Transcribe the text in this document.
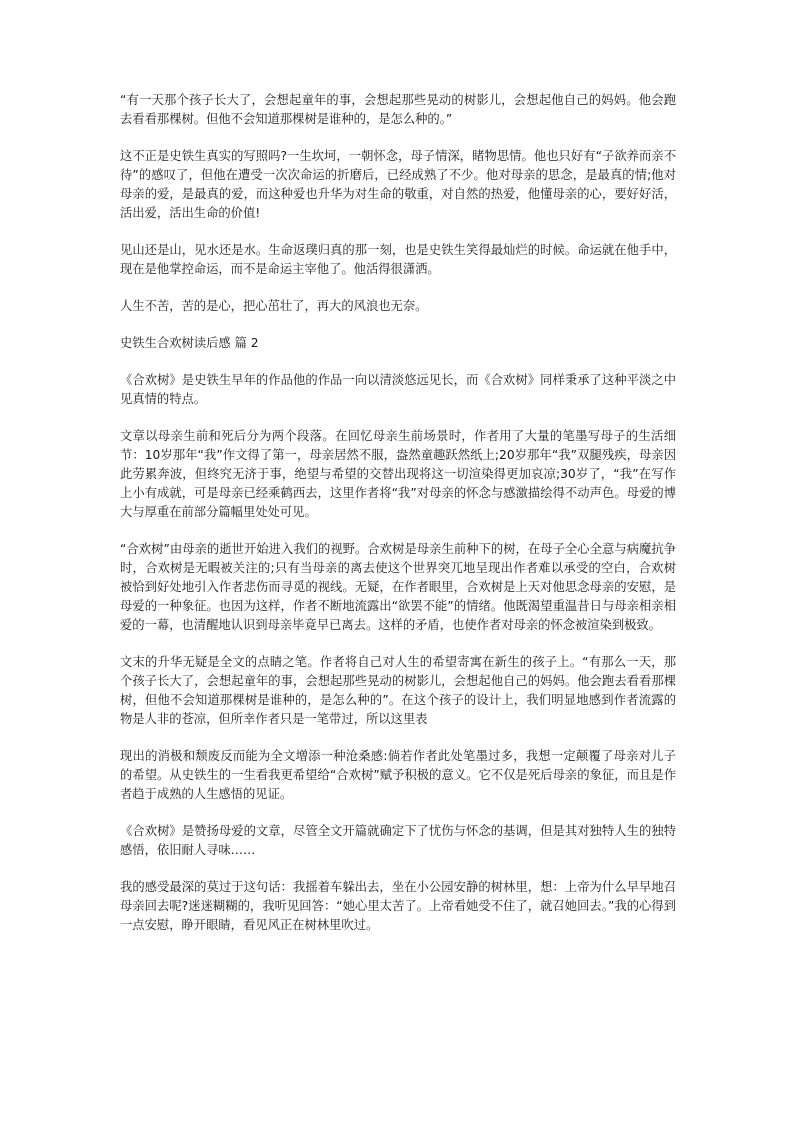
“有一天那个孩子长大了，会想起童年的事，会想起那些晃动的树影儿，会想起他自己的妈妈。他会跑去看看那棵树。但他不会知道那棵树是谁种的，是怎么种的。”

这不正是史铁生真实的写照吗?一生坎坷，一朝怀念，母子情深，睹物思情。他也只好有“子欲养而亲不待”的感叹了，但他在遭受一次次命运的折磨后，已经成熟了不少。他对母亲的思念，是最真的情;他对母亲的爱，是最真的爱，而这种爱也升华为对生命的敬重，对自然的热爱，他懂母亲的心，要好好活，活出爱，活出生命的价值!

见山还是山，见水还是水。生命返璞归真的那一刻，也是史铁生笑得最灿烂的时候。命运就在他手中，现在是他掌控命运，而不是命运主宰他了。他活得很潇洒。

人生不苦，苦的是心，把心茁壮了，再大的风浪也无奈。

史铁生合欢树读后感 篇 2

《合欢树》是史铁生早年的作品他的作品一向以清淡悠远见长，而《合欢树》同样秉承了这种平淡之中见真情的特点。

文章以母亲生前和死后分为两个段落。在回忆母亲生前场景时，作者用了大量的笔墨写母子的生活细节：10岁那年“我”作文得了第一，母亲居然不服，盎然童趣跃然纸上;20岁那年“我”双腿残疾，母亲因此劳累奔波，但终究无济于事，绝望与希望的交替出现将这一切渲染得更加哀凉;30岁了，“我”在写作上小有成就，可是母亲已经乘鹤西去，这里作者将“我”对母亲的怀念与感激描绘得不动声色。母爱的博大与厚重在前部分篇幅里处处可见。

“合欢树”由母亲的逝世开始进入我们的视野。合欢树是母亲生前种下的树，在母子全心全意与病魔抗争时，合欢树是无暇被关注的;只有当母亲的离去使这个世界突兀地呈现出作者难以承受的空白，合欢树被恰到好处地引入作者悲伤而寻觅的视线。无疑，在作者眼里，合欢树是上天对他思念母亲的安慰，是母爱的一种象征。也因为这样，作者不断地流露出“欲罢不能”的情绪。他既渴望重温昔日与母亲相亲相爱的一幕，也清醒地认识到母亲毕竟早已离去。这样的矛盾，也使作者对母亲的怀念被渲染到极致。

文末的升华无疑是全文的点睛之笔。作者将自己对人生的希望寄寓在新生的孩子上。“有那么一天，那个孩子长大了，会想起童年的事，会想起那些晃动的树影儿，会想起他自己的妈妈。他会跑去看看那棵树，但他不会知道那棵树是谁种的，是怎么种的”。在这个孩子的设计上，我们明显地感到作者流露的物是人非的苍凉，但所幸作者只是一笔带过，所以这里表

现出的消极和颓废反而能为全文增添一种沧桑感:倘若作者此处笔墨过多，我想一定颠覆了母亲对儿子的希望。从史铁生的一生看我更希望给“合欢树”赋予积极的意义。它不仅是死后母亲的象征，而且是作者趋于成熟的人生感悟的见证。

《合欢树》是赞扬母爱的文章，尽管全文开篇就确定下了忧伤与怀念的基调，但是其对独特人生的独特感悟，依旧耐人寻味……

我的感受最深的莫过于这句话：我摇着车躲出去，坐在小公园安静的树林里，想：上帝为什么早早地召母亲回去呢?迷迷糊糊的，我听见回答：“她心里太苦了。上帝看她受不住了，就召她回去。”我的心得到一点安慰，睁开眼睛，看见风正在树林里吹过。
